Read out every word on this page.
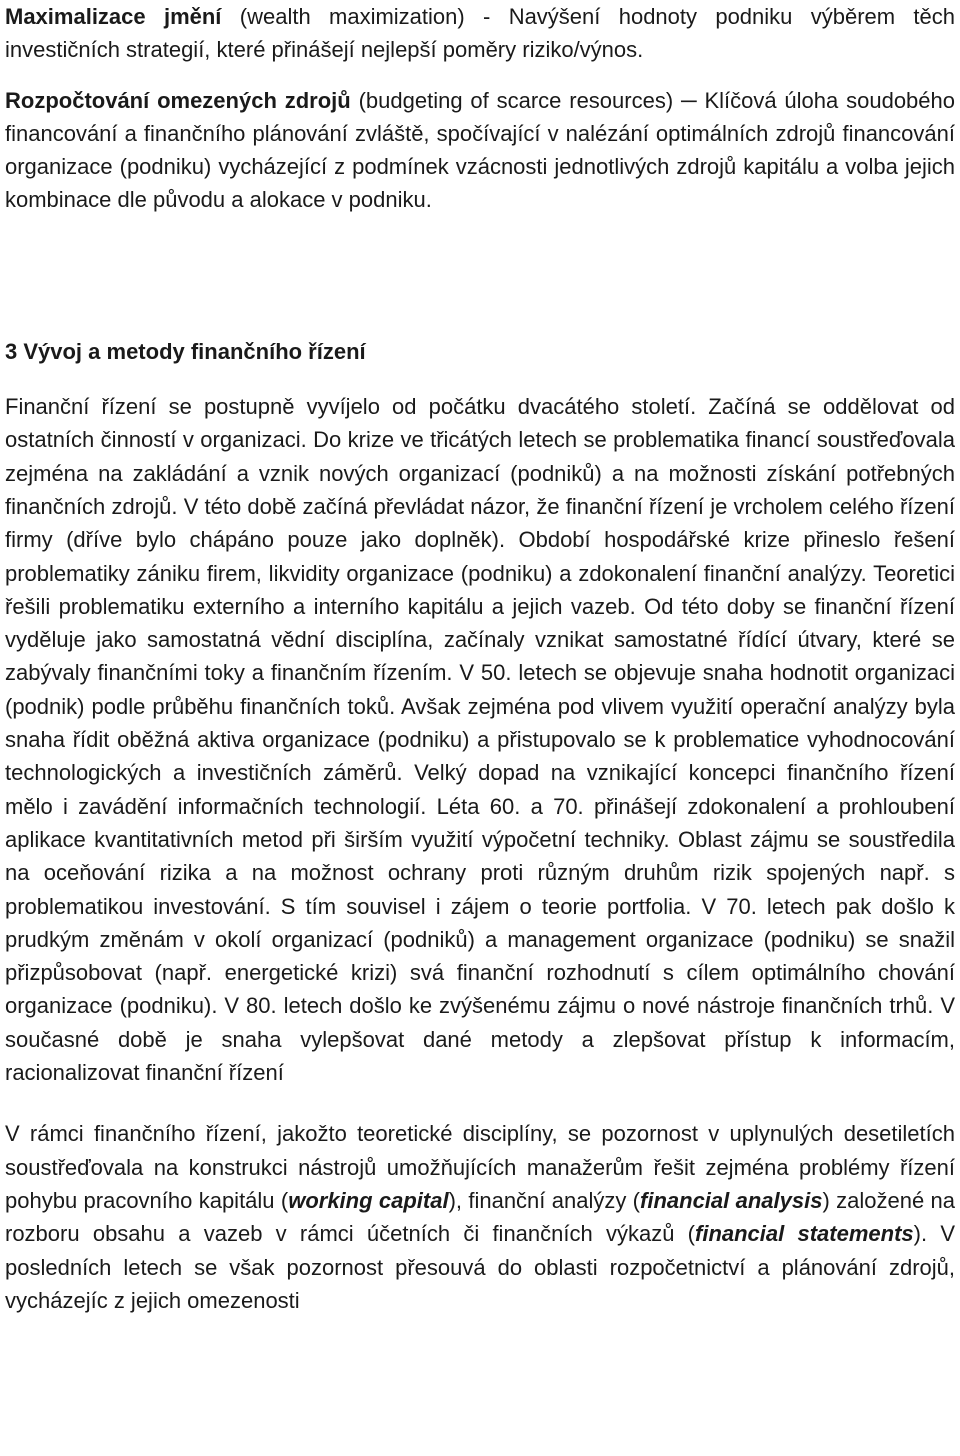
Maximalizace jmění (wealth maximization) - Navýšení hodnoty podniku výběrem těch investičních strategií, které přinášejí nejlepší poměry riziko/výnos.

Rozpočtování omezených zdrojů (budgeting of scarce resources) ─ Klíčová úloha soudobého financování a finančního plánování zvláště, spočívající v nalézání optimálních zdrojů financování organizace (podniku) vycházející z podmínek vzácnosti jednotlivých zdrojů kapitálu a volba jejich kombinace dle původu a alokace v podniku.

3 Vývoj a metody finančního řízení

Finanční řízení se postupně vyvíjelo od počátku dvacátého století. Začíná se oddělovat od ostatních činností v organizaci. Do krize ve třicátých letech se problematika financí soustřeďovala zejména na zakládání a vznik nových organizací (podniků) a na možnosti získání potřebných finančních zdrojů. V této době začíná převládat názor, že finanční řízení je vrcholem celého řízení firmy (dříve bylo chápáno pouze jako doplněk). Období hospodářské krize přineslo řešení problematiky zániku firem, likvidity organizace (podniku) a zdokonalení finanční analýzy. Teoretici řešili problematiku externího a interního kapitálu a jejich vazeb. Od této doby se finanční řízení vyděluje jako samostatná vědní disciplína, začínaly vznikat samostatné řídící útvary, které se zabývaly finančními toky a finančním řízením. V 50. letech se objevuje snaha hodnotit organizaci (podnik) podle průběhu finančních toků. Avšak zejména pod vlivem využití operační analýzy byla snaha řídit oběžná aktiva organizace (podniku) a přistupovalo se k problematice vyhodnocování technologických a investičních záměrů. Velký dopad na vznikající koncepci finančního řízení mělo i zavádění informačních technologií. Léta 60. a 70. přinášejí zdokonalení a prohloubení aplikace kvantitativních metod při širším využití výpočetní techniky. Oblast zájmu se soustředila na oceňování rizika a na možnost ochrany proti různým druhům rizik spojených např. s problematikou investování. S tím souvisel i zájem o teorie portfolia. V 70. letech pak došlo k prudkým změnám v okolí organizací (podniků) a management organizace (podniku) se snažil přizpůsobovat (např. energetické krizi) svá finanční rozhodnutí s cílem optimálního chování organizace (podniku). V 80. letech došlo ke zvýšenému zájmu o nové nástroje finančních trhů. V současné době je snaha vylepšovat dané metody a zlepšovat přístup k informacím, racionalizovat finanční řízení

V rámci finančního řízení, jakožto teoretické disciplíny, se pozornost v uplynulých desetiletích soustřeďovala na konstrukci nástrojů umožňujících manažerům řešit zejména problémy řízení pohybu pracovního kapitálu (working capital), finanční analýzy (financial analysis) založené na rozboru obsahu a vazeb v rámci účetních či finančních výkazů (financial statements). V posledních letech se však pozornost přesouvá do oblasti rozpočetnictví a plánování zdrojů, vycházejíc z jejich omezenosti
